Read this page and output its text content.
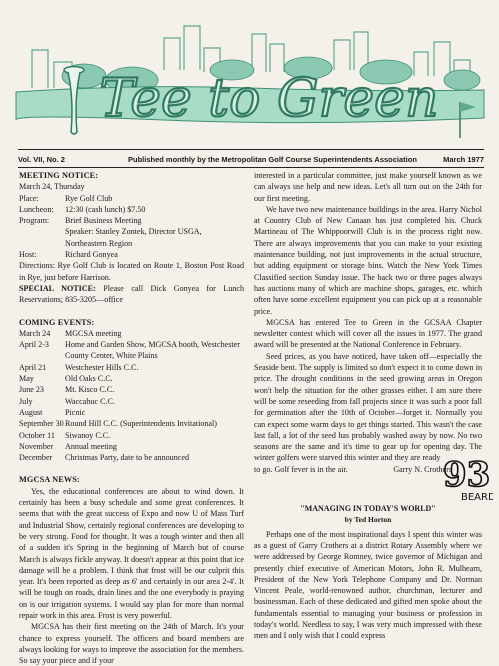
Tee to Green
Vol. VII, No. 2	Published monthly by the Metropolitan Golf Course Superintendents Association	March 1977

MEETING NOTICE:

March 24, Thursday
Place:	Rye Golf Club
Luncheon:	12:30 (cash lunch) $7.50
Program:	Brief Business Meeting
Speaker: Stanley Zontek, Director USGA,
Northeastern Region
Host:	Richard Gonyea

Directions: Rye Golf Club is located on Route 1, Boston Post Road in Rye, just before Harrison.

SPECIAL NOTICE: Please call Dick Gonyea for Lunch Reservations; 835-3205—office

COMING EVENTS:

March 24	MGCSA meeting
April 2-3	Home and Garden Show, MGCSA booth, Westchester County Center, White Plains
April 21	Westchester Hills C.C.
May	Old Oaks C.C.
June 23	Mt. Kisco C.C.
July	Waccabuc C.C.
August	Picnic
September 30 Round Hill C.C. (Superintendents Invitational)
October 11	Siwanoy C.C.
November	Annual meeting
December	Christmas Party, date to be announced

MGCSA NEWS:

Yes, the educational conferences are about to wind down. It certainly has been a busy schedule and some great conferences. It seems that with the great success of Expo and now U of Mass Turf and Industrial Show, certainly regional conferences are developing to be very strong. Food for thought. It was a tough winter and then all of a sudden it's Spring in the beginning of March but of course March is always fickle anyway. It doesn't appear at this point that ice damage will be a problem. I think that frost will be our culprit this year. It's been reported as deep as 6' and certainly in our area 2-4'. It will be tough on roads, drain lines and the one everybody is praying on is our irrigation systems. I would say plan for more than normal repair work in this area. Frost is very powerful.

MGCSA has their first meeting on the 24th of March. It's your chance to express yourself. The officers and board members are always looking for ways to improve the association for the members. So say your piece and if your

interested in a particular committee, just make yourself known as we can always use help and new ideas. Let's all turn out on the 24th for our first meeting.

We have two new maintenance buildings in the area. Harry Nichol at Country Club of New Canaan has just completed his. Chuck Martineau of The Whippoorwill Club is in the process right now. There are always improvements that you can make to your existing maintenance building, not just improvements in the actual structure, but adding equipment or storage bins. Watch the New York Times Classified section Sunday issue. The back two or three pages always has auctions many of which are machine shops, garages, etc. which often have some excellent equipment you can pick up at a reasonable price.

MGCSA has entered Tee to Green in the GCSAA Chapter newsletter contest which will cover all the issues in 1977. The grand award will be presented at the National Conference in February.

Seed prices, as you have noticed, have taken off—especially the Seaside bent. The supply is limited so don't expect it to come down in price. The drought conditions in the seed growing areas in Oregon won't help the situation for the other grasses either. I am sure there will be some reseeding from fall projects since it was such a poor fall for germination after the 10th of October—forget it. Normally you can expect some warm days to get things started. This wasn't the case last fall, a lot of the seed has probably washed away by now. No two seasons are the same and it's time to gear up for opening day. The winter golfers were starved this winter and they are ready

to go. Golf fever is in the air.	Garry N. Crothers
"MANAGING IN TODAY'S WORLD"
by Ted Horton

Perhaps one of the most inspirational days I spent this winter was as a guest of Garry Crothers at a district Rotary Assembly where we were addressed by George Romney, twice governor of Michigan and presently chief executive of American Motors, John R. Mulhearn, President of the New York Telephone Company and Dr. Norman Vincent Peale, world-renowned author, churchman, lecturer and businessman. Each of these dedicated and gifted men spoke about the fundamentals essential to managing your business or profession in today's world. Needless to say, I was very much impressed with these men and I only wish that I could express

93
BEARD
